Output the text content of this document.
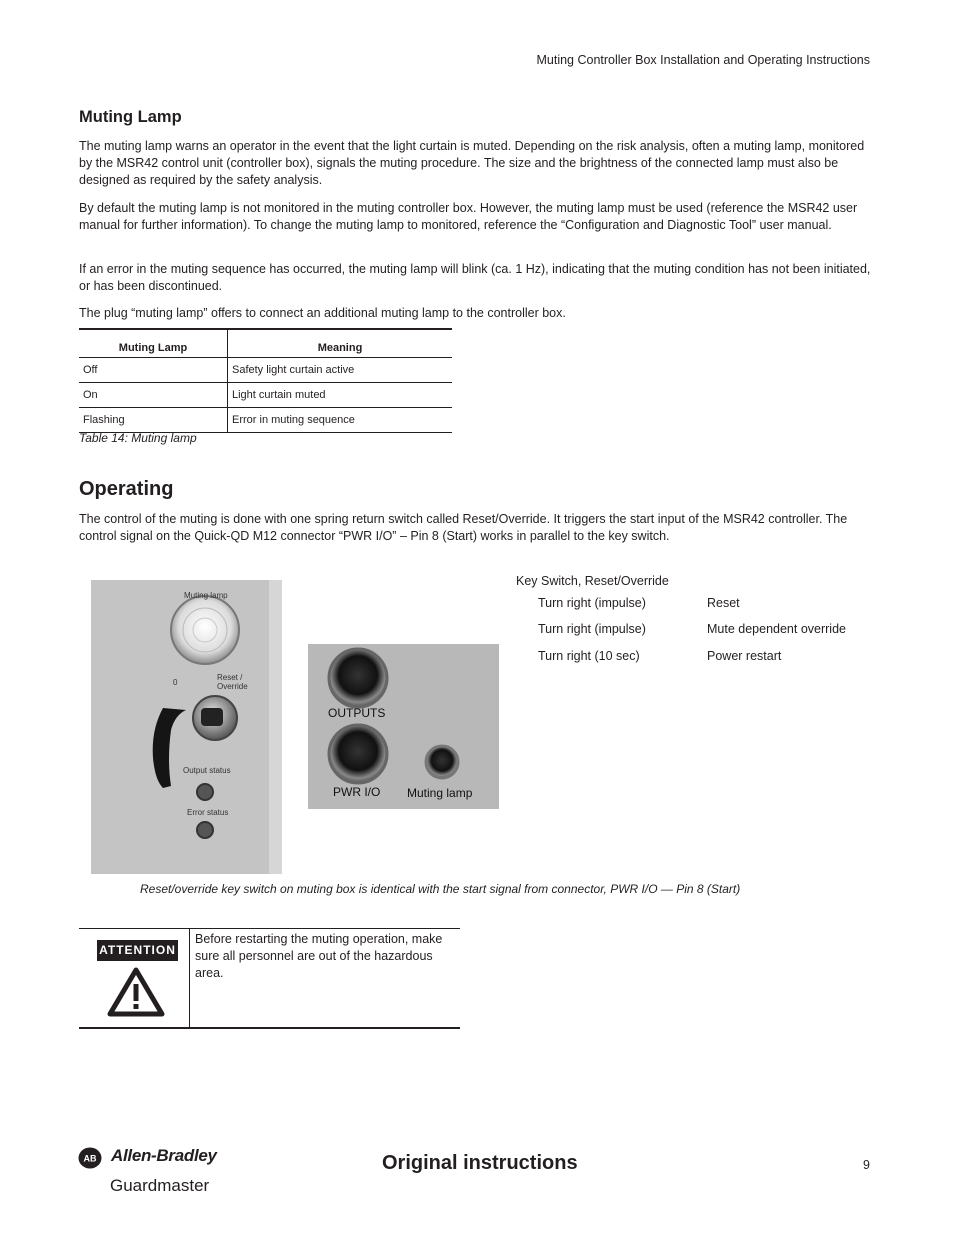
Muting Controller Box Installation and Operating Instructions
Muting Lamp

The muting lamp warns an operator in the event that the light curtain is muted. Depending on the risk analysis, often a muting lamp, monitored by the MSR42 control unit (controller box), signals the muting procedure. The size and the brightness of the connected lamp must also be designed as required by the safety analysis.

By default the muting lamp is not monitored in the muting controller box. However, the muting lamp must be used (reference the MSR42 user manual for further information). To change the muting lamp to monitored, reference the “Configuration and Diagnostic Tool” user manual.

If an error in the muting sequence has occurred, the muting lamp will blink (ca. 1 Hz), indicating that the muting condition has not been initiated, or has been discontinued.

The plug “muting lamp” offers to connect an additional muting lamp to the controller box.

Muting Lamp	Meaning
Off	Safety light curtain active
On	Light curtain muted
Flashing	Error in muting sequence
Table 14: Muting lamp
Operating

The control of the muting is done with one spring return switch called Reset/Override. It triggers the start input of the MSR42 controller. The control signal on the Quick-QD M12 connector “PWR I/O” – Pin 8 (Start) works in parallel to the key switch.

Muting lamp
0
Reset /
Override
Output status
Error status
OUTPUTS
PWR I/O Muting lamp
Key Switch, Reset/Override
Turn right (impulse)	Reset
Turn right (impulse)	Mute dependent override
Turn right (10 sec)	Power restart
Reset/override key switch on muting box is identical with the start signal from connector, PWR I/O — Pin 8 (Start)
ATTENTION
Before restarting the muting operation, make sure all personnel are out of the hazardous area.
AB Allen-Bradley
Guardmaster
Original instructions	9
